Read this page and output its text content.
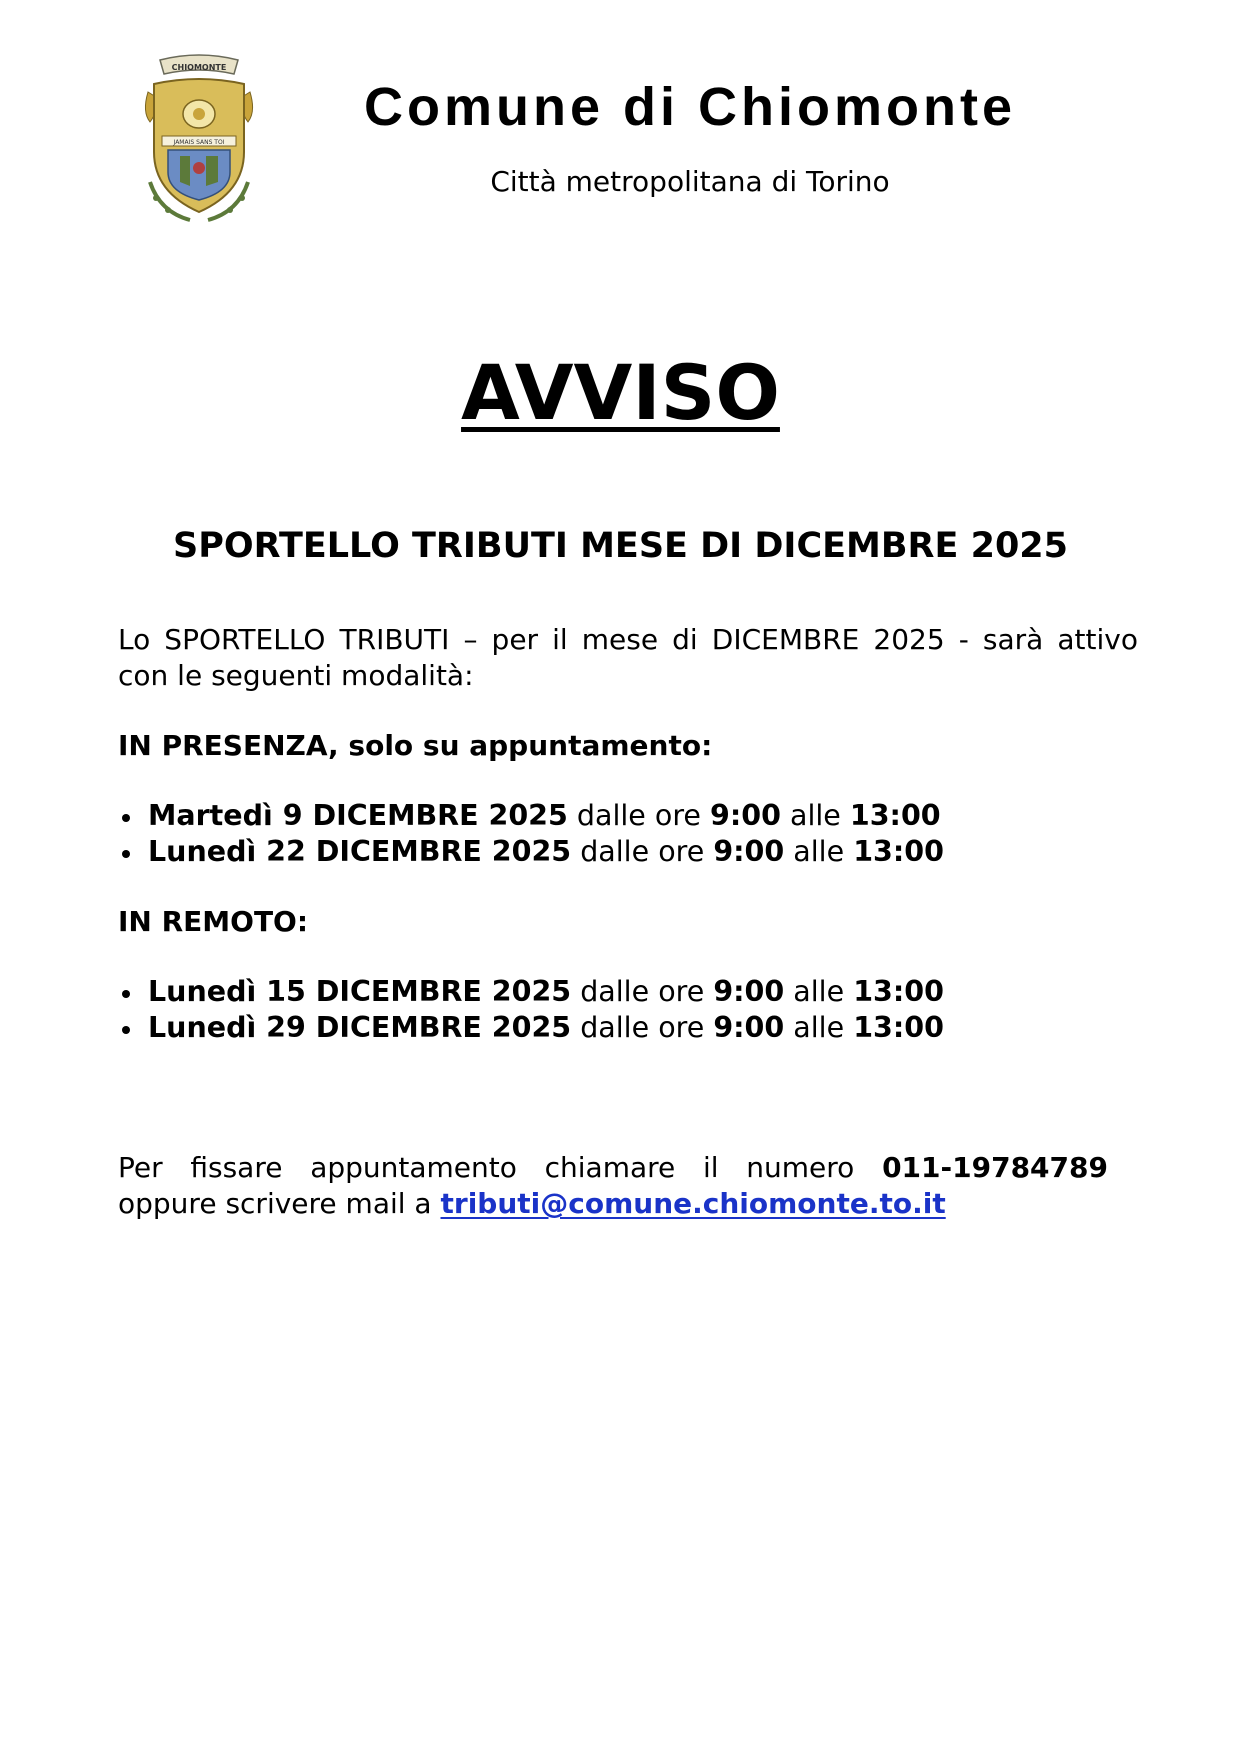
CHIOMONTE
JAMAIS SANS TOI
Comune di Chiomonte
Città metropolitana di Torino
AVVISO
SPORTELLO TRIBUTI MESE DI DICEMBRE 2025
Lo SPORTELLO TRIBUTI – per il mese di DICEMBRE 2025 - sarà attivo
con le seguenti modalità:
IN PRESENZA, solo su appuntamento:
Martedì 9 DICEMBRE 2025 dalle ore 9:00 alle 13:00
Lunedì 22 DICEMBRE 2025 dalle ore 9:00 alle 13:00
IN REMOTO:
Lunedì 15 DICEMBRE 2025 dalle ore 9:00 alle 13:00
Lunedì 29 DICEMBRE 2025 dalle ore 9:00 alle 13:00
Per fissare appuntamento chiamare il numero 011-19784789
oppure scrivere mail a tributi@comune.chiomonte.to.it
